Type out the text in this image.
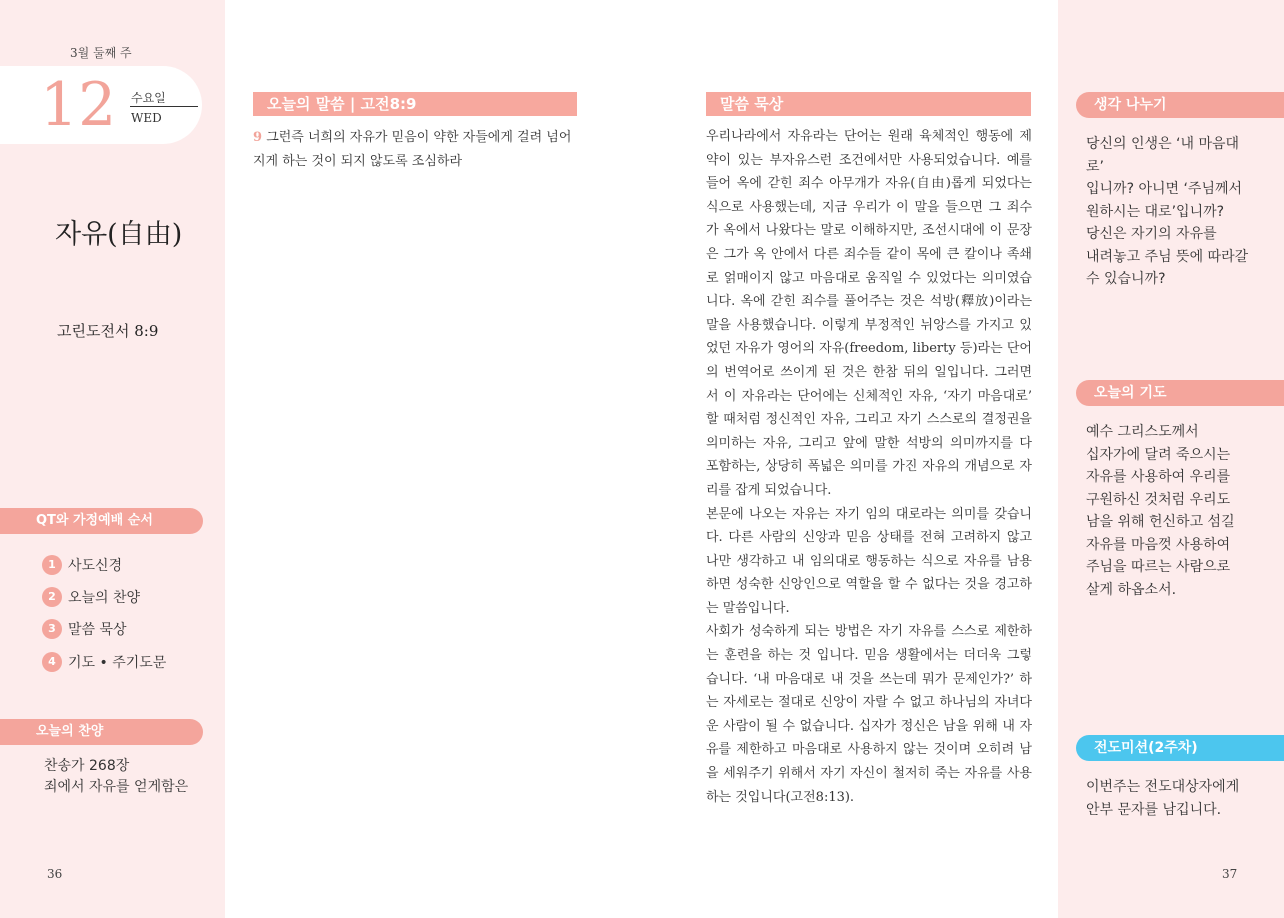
3월 둘째 주
12 수요일
WED
자유(自由)
고린도전서 8:9
QT와 가정예배 순서
1 사도신경
2 오늘의 찬양
3 말씀 묵상
4 기도 • 주기도문
오늘의 찬양
찬송가 268장
죄에서 자유를 얻게함은
36
오늘의 말씀 | 고전8:9
9 그런즉 너희의 자유가 믿음이 약한 자들에게 걸려 넘어지게 하는 것이 되지 않도록 조심하라
말씀 묵상

우리나라에서 자유라는 단어는 원래 육체적인 행동에 제약이 있는 부자유스런 조건에서만 사용되었습니다. 예를 들어 옥에 갇힌 죄수 아무개가 자유(自由)롭게 되었다는 식으로 사용했는데, 지금 우리가 이 말을 들으면 그 죄수가 옥에서 나왔다는 말로 이해하지만, 조선시대에 이 문장은 그가 옥 안에서 다른 죄수들 같이 목에 큰 칼이나 족쇄로 얽매이지 않고 마음대로 움직일 수 있었다는 의미였습니다. 옥에 갇힌 죄수를 풀어주는 것은 석방(釋放)이라는 말을 사용했습니다. 이렇게 부정적인 뉘앙스를 가지고 있었던 자유가 영어의 자유(freedom, liberty 등)라는 단어의 번역어로 쓰이게 된 것은 한참 뒤의 일입니다. 그러면서 이 자유라는 단어에는 신체적인 자유, ‘자기 마음대로’ 할 때처럼 정신적인 자유, 그리고 자기 스스로의 결정권을 의미하는 자유, 그리고 앞에 말한 석방의 의미까지를 다 포함하는, 상당히 폭넓은 의미를 가진 자유의 개념으로 자리를 잡게 되었습니다.

본문에 나오는 자유는 자기 임의 대로라는 의미를 갖습니다. 다른 사람의 신앙과 믿음 상태를 전혀 고려하지 않고 나만 생각하고 내 임의대로 행동하는 식으로 자유를 남용하면 성숙한 신앙인으로 역할을 할 수 없다는 것을 경고하는 말씀입니다.

사회가 성숙하게 되는 방법은 자기 자유를 스스로 제한하는 훈련을 하는 것 입니다. 믿음 생활에서는 더더욱 그렇습니다. ‘내 마음대로 내 것을 쓰는데 뭐가 문제인가?’ 하는 자세로는 절대로 신앙이 자랄 수 없고 하나님의 자녀다운 사람이 될 수 없습니다. 십자가 정신은 남을 위해 내 자유를 제한하고 마음대로 사용하지 않는 것이며 오히려 남을 세워주기 위해서 자기 자신이 철저히 죽는 자유를 사용하는 것입니다(고전8:13).

생각 나누기
당신의 인생은 ‘내 마음대로’
입니까? 아니면 ‘주님께서
원하시는 대로’입니까?
당신은 자기의 자유를
내려놓고 주님 뜻에 따라갈
수 있습니까?
오늘의 기도
예수 그리스도께서
십자가에 달려 죽으시는
자유를 사용하여 우리를
구원하신 것처럼 우리도
남을 위해 헌신하고 섬길
자유를 마음껏 사용하여
주님을 따르는 사람으로
살게 하옵소서.
전도미션(2주차)
이번주는 전도대상자에게
안부 문자를 남깁니다.
37
